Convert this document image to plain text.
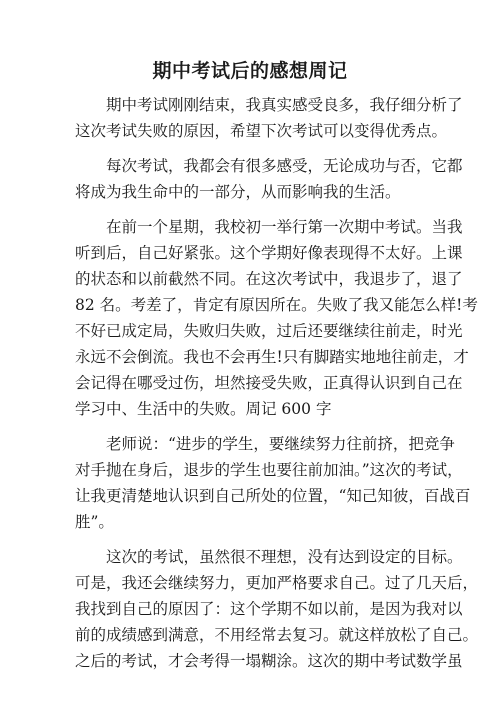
期中考试后的感想周记
期中考试刚刚结束，我真实感受良多，我仔细分析了
这次考试失败的原因，希望下次考试可以变得优秀点。
每次考试，我都会有很多感受，无论成功与否，它都
将成为我生命中的一部分，从而影响我的生活。
在前一个星期，我校初一举行第一次期中考试。当我
听到后，自己好紧张。这个学期好像表现得不太好。上课
的状态和以前截然不同。在这次考试中，我退步了，退了
82 名。考差了，肯定有原因所在。失败了我又能怎么样!考
不好已成定局，失败归失败，过后还要继续往前走，时光
永远不会倒流。我也不会再生!只有脚踏实地地往前走，才
会记得在哪受过伤，坦然接受失败，正真得认识到自己在
学习中、生活中的失败。周记 600 字
老师说：“进步的学生，要继续努力往前挤，把竞争
对手抛在身后，退步的学生也要往前加油。”这次的考试，
让我更清楚地认识到自己所处的位置，“知己知彼，百战百
胜”。
这次的考试，虽然很不理想，没有达到设定的目标。
可是，我还会继续努力，更加严格要求自己。过了几天后，
我找到自己的原因了：这个学期不如以前，是因为我对以
前的成绩感到满意，不用经常去复习。就这样放松了自己。
之后的考试，才会考得一塌糊涂。这次的期中考试数学虽
